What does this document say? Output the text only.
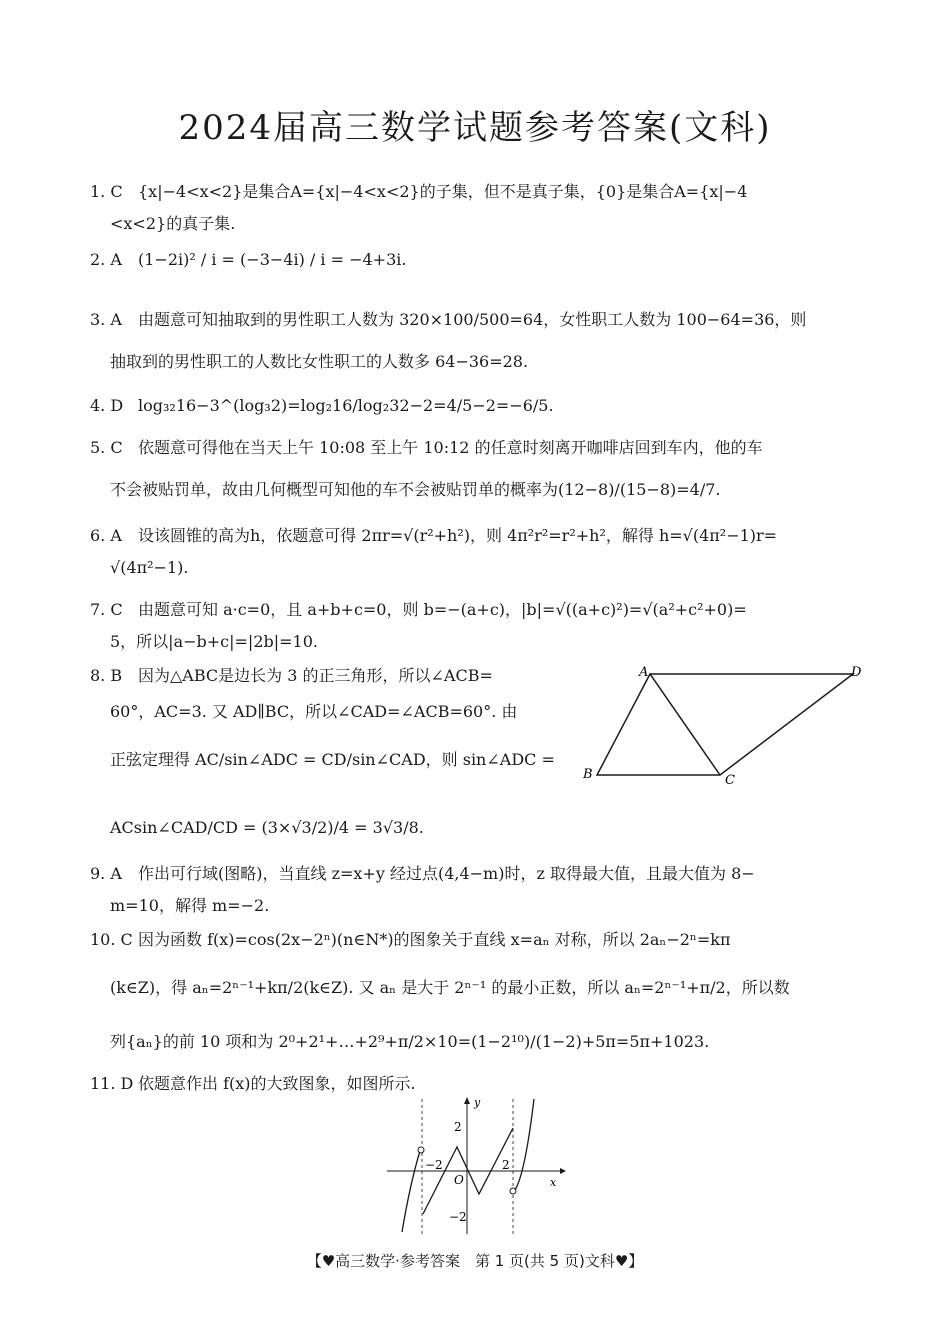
2024届高三数学试题参考答案(文科)
1. C {x|−4<x<2}是集合A={x|−4<x<2}的子集，但不是真子集，{0}是集合A={x|−4
<x<2}的真子集.
2. A (1−2i)² / i = (−3−4i) / i = −4+3i.
3. A 由题意可知抽取到的男性职工人数为 320×100/500=64，女性职工人数为 100−64=36，则
抽取到的男性职工的人数比女性职工的人数多 64−36=28.
4. D log₃₂16−3^(log₃2)=log₂16/log₂32−2=4/5−2=−6/5.
5. C 依题意可得他在当天上午 10:08 至上午 10:12 的任意时刻离开咖啡店回到车内，他的车
不会被贴罚单，故由几何概型可知他的车不会被贴罚单的概率为(12−8)/(15−8)=4/7.
6. A 设该圆锥的高为h，依题意可得 2πr=√(r²+h²)，则 4π²r²=r²+h²，解得 h=√(4π²−1)r=
√(4π²−1).
7. C 由题意可知 a·c=0，且 a+b+c=0，则 b=−(a+c)，|b|=√((a+c)²)=√(a²+c²+0)=
5，所以|a−b+c|=|2b|=10.
8. B 因为△ABC是边长为 3 的正三角形，所以∠ACB=
60°，AC=3. 又 AD∥BC，所以∠CAD=∠ACB=60°. 由
正弦定理得 AC/sin∠ADC = CD/sin∠CAD，则 sin∠ADC =
ACsin∠CAD/CD = (3×√3/2)/4 = 3√3/8.
A	D
B	C
9. A 作出可行域(图略)，当直线 z=x+y 经过点(4,4−m)时，z 取得最大值，且最大值为 8−
m=10，解得 m=−2.
10. C 因为函数 f(x)=cos(2x−2ⁿ)(n∈N*)的图象关于直线 x=aₙ 对称，所以 2aₙ−2ⁿ=kπ
(k∈Z)，得 aₙ=2ⁿ⁻¹+kπ/2(k∈Z). 又 aₙ 是大于 2ⁿ⁻¹ 的最小正数，所以 aₙ=2ⁿ⁻¹+π/2，所以数
列{aₙ}的前 10 项和为 2⁰+2¹+…+2⁹+π/2×10=(1−2¹⁰)/(1−2)+5π=5π+1023.
11. D 依题意作出 f(x)的大致图象，如图所示.
y
x
O
2
−2
−2	2
【♥高三数学·参考答案　第 1 页(共 5 页)文科♥】
